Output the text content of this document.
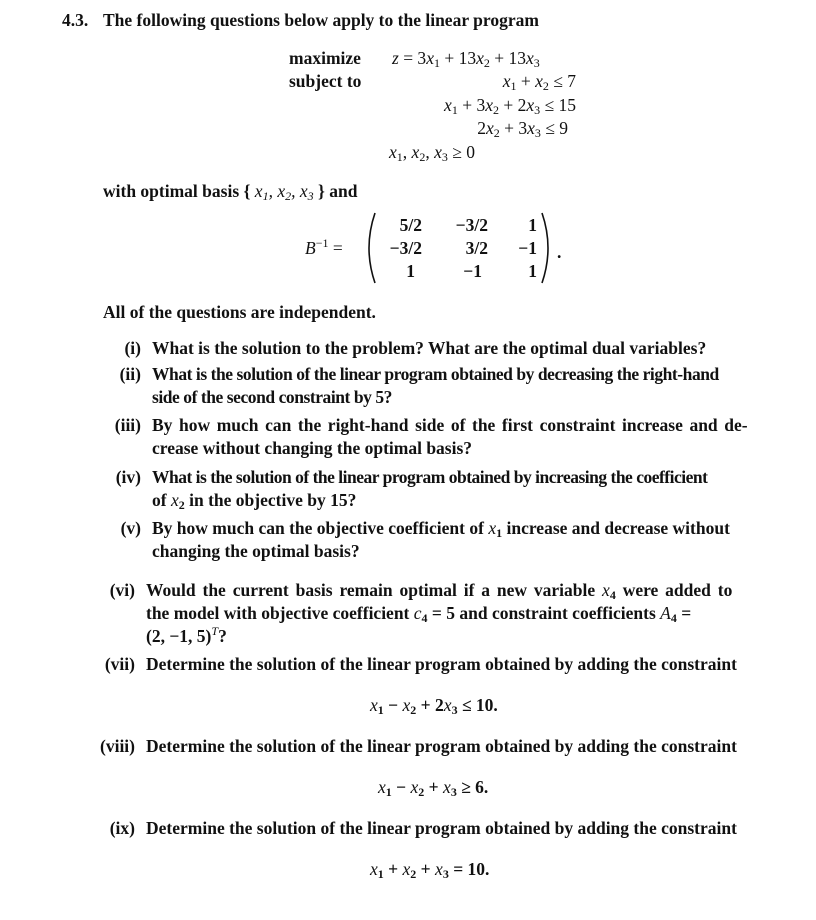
4.3. The following questions below apply to the linear program
maximize
subject to
$z = 3x_1 + 13x_2 + 13x_3$
$x_1 + x_2 \le 7$
$x_1 + 3x_2 + 2x_3 \le 15$
$2x_2 + 3x_3 \le 9$
$x_1$, $x_2$, $x_3 \ge 0$
with optimal basis { $x_1$, $x_2$, $x_3$ } and
$B^{-1}$ =
5/2	−3/2	1
−3/2	3/2	−1
1	−1	1
.
All of the questions are independent.
(i) What is the solution to the problem? What are the optimal dual variables?
(ii) What is the solution of the linear program obtained by decreasing the right-hand
side of the second constraint by 5?
(iii) By how much can the right-hand side of the first constraint increase and de-
crease without changing the optimal basis?
(iv) What is the solution of the linear program obtained by increasing the coefficient
of $x_2$ in the objective by 15?
(v) By how much can the objective coefficient of $x_1$ increase and decrease without
changing the optimal basis?
(vi) Would the current basis remain optimal if a new variable $x_4$ were added to
the model with objective coefficient $c_4 = 5$ and constraint coefficients $A_4$ =
(2, −1, 5)$^T$?
(vii) Determine the solution of the linear program obtained by adding the constraint
$x_1 - x_2 + 2x_3 \le 10$.
(viii) Determine the solution of the linear program obtained by adding the constraint
$x_1 - x_2 + x_3 \ge 6$.
(ix) Determine the solution of the linear program obtained by adding the constraint
$x_1 + x_2 + x_3 = 10$.
